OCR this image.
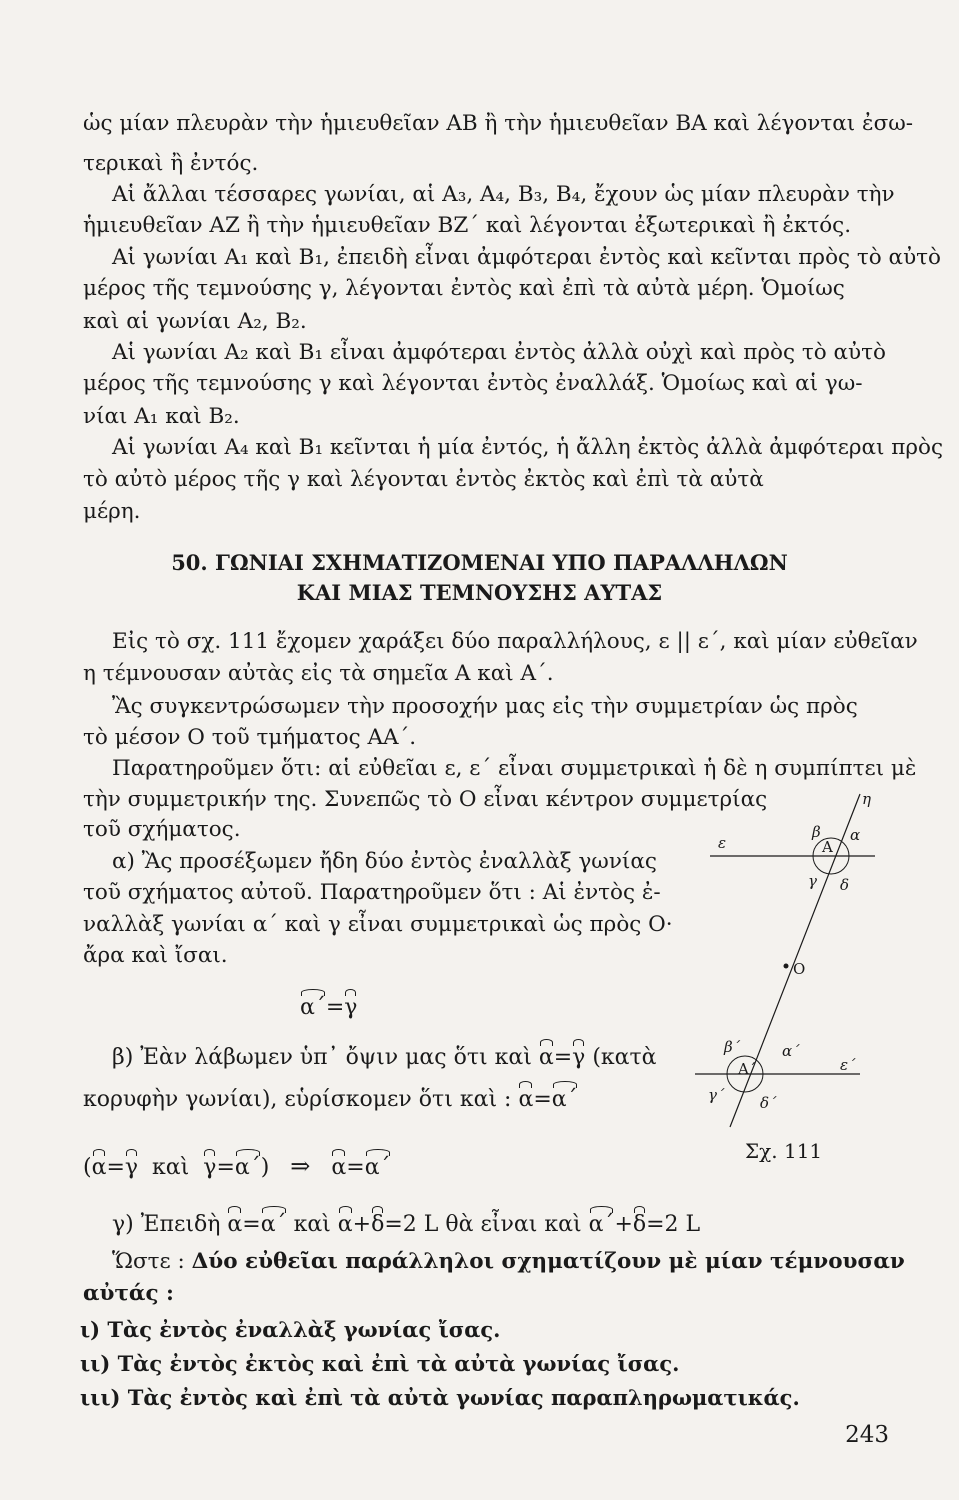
ὡς μίαν πλευρὰν τὴν ἡμιευθεῖαν ΑΒ ἢ τὴν ἡμιευθεῖαν ΒΑ καὶ λέγονται ἐσω-
τερικαὶ ἢ ἐντός.
Αἱ ἄλλαι τέσσαρες γωνίαι, αἱ Α₃, Α₄, Β₃, Β₄, ἔχουν ὡς μίαν πλευρὰν τὴν
ἡμιευθεῖαν ΑΖ ἢ τὴν ἡμιευθεῖαν ΒΖ΄ καὶ λέγονται ἐξωτερικαὶ ἢ ἐκτός.
Αἱ γωνίαι Α₁ καὶ Β₁, ἐπειδὴ εἶναι ἀμφότεραι ἐντὸς καὶ κεῖνται πρὸς τὸ αὐτὸ
μέρος τῆς τεμνούσης γ, λέγονται ἐντὸς καὶ ἐπὶ τὰ αὐτὰ μέρη. Ὁμοίως
καὶ αἱ γωνίαι Α₂, Β₂.
Αἱ γωνίαι Α₂ καὶ Β₁ εἶναι ἀμφότεραι ἐντὸς ἀλλὰ οὐχὶ καὶ πρὸς τὸ αὐτὸ
μέρος τῆς τεμνούσης γ καὶ λέγονται ἐντὸς ἐναλλάξ. Ὁμοίως καὶ αἱ γω-
νίαι Α₁ καὶ Β₂.
Αἱ γωνίαι Α₄ καὶ Β₁ κεῖνται ἡ μία ἐντός, ἡ ἄλλη ἐκτὸς ἀλλὰ ἀμφότεραι πρὸς
τὸ αὐτὸ μέρος τῆς γ καὶ λέγονται ἐντὸς ἐκτὸς καὶ ἐπὶ τὰ αὐτὰ
μέρη.
50. ΓΩΝΙΑΙ ΣΧΗΜΑΤΙΖΟΜΕΝΑΙ ΥΠΟ ΠΑΡΑΛΛΗΛΩΝ
ΚΑΙ ΜΙΑΣ ΤΕΜΝΟΥΣΗΣ ΑΥΤΑΣ
Εἰς τὸ σχ. 111 ἔχομεν χαράξει δύο παραλλήλους, ε || ε΄, καὶ μίαν εὐθεῖαν
η τέμνουσαν αὐτὰς εἰς τὰ σημεῖα Α καὶ Α΄.
Ἂς συγκεντρώσωμεν τὴν προσοχήν μας εἰς τὴν συμμετρίαν ὡς πρὸς
τὸ μέσον Ο τοῦ τμήματος ΑΑ΄.
Παρατηροῦμεν ὅτι: αἱ εὐθεῖαι ε, ε΄ εἶναι συμμετρικαὶ ἡ δὲ η συμπίπτει μὲ
τὴν συμμετρικήν της. Συνεπῶς τὸ Ο εἶναι κέντρον συμμετρίας
τοῦ σχήματος.
α) Ἂς προσέξωμεν ἤδη δύο ἐντὸς ἐναλλὰξ γωνίας
τοῦ σχήματος αὐτοῦ. Παρατηροῦμεν ὅτι : Αἱ ἐντὸς ἐ-
ναλλὰξ γωνίαι α΄ καὶ γ εἶναι συμμετρικαὶ ὡς πρὸς Ο·
ἄρα καὶ ἴσαι.
α΄=γ
β) Ἐὰν λάβωμεν ὑπ᾽ ὄψιν μας ὅτι καὶ α=γ (κατὰ
κορυφὴν γωνίαι), εὑρίσκομεν ὅτι καὶ : α=α΄
(α=γ καὶ γ=α΄)   ⇒ α=α΄
γ) Ἐπειδὴ α=α΄ καὶ α+δ=2 L θὰ εἶναι καὶ α΄+δ=2 L
Ὥστε : Δύο εὐθεῖαι παράλληλοι σχηματίζουν μὲ μίαν τέμνουσαν
αὐτάς :
ι) Τὰς ἐντὸς ἐναλλὰξ γωνίας ἴσας.
ιι) Τὰς ἐντὸς ἐκτὸς καὶ ἐπὶ τὰ αὐτὰ γωνίας ἴσας.
ιιι) Τὰς ἐντὸς καὶ ἐπὶ τὰ αὐτὰ γωνίας παραπληρωματικάς.
η
ε	Α
β α
γ δ
Ο
β΄	α΄
Α΄	ε΄
γ΄ δ΄
Σχ. 111
243
